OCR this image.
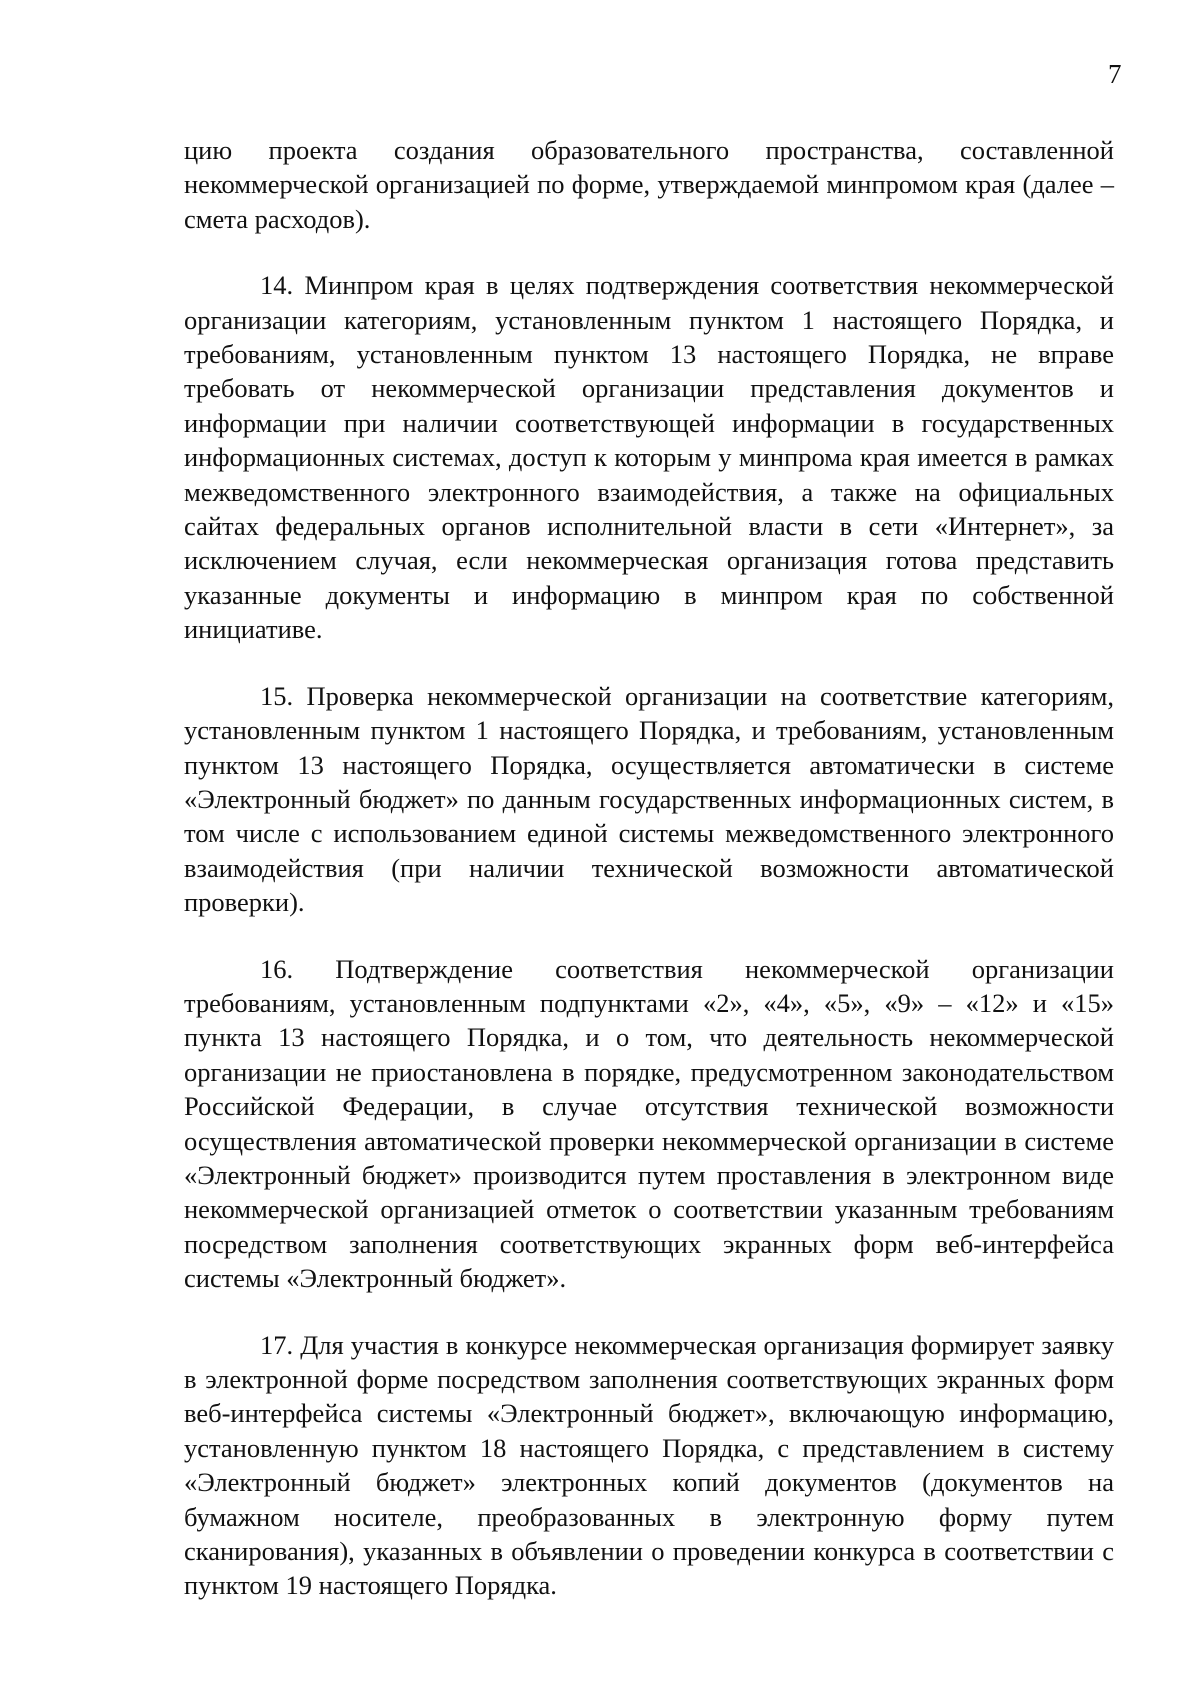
7

цию проекта создания образовательного пространства, составленной некоммерческой организацией по форме, утверждаемой минпромом края (далее – смета расходов).

14. Минпром края в целях подтверждения соответствия некоммерческой организации категориям, установленным пунктом 1 настоящего Порядка, и требованиям, установленным пунктом 13 настоящего Порядка, не вправе требовать от некоммерческой организации представления документов и информации при наличии соответствующей информации в государственных информационных системах, доступ к которым у минпрома края имеется в рамках межведомственного электронного взаимодействия, а также на официальных сайтах федеральных органов исполнительной власти в сети «Интернет», за исключением случая, если некоммерческая организация готова представить указанные документы и информацию в минпром края по собственной инициативе.

15. Проверка некоммерческой организации на соответствие категориям, установленным пунктом 1 настоящего Порядка, и требованиям, установленным пунктом 13 настоящего Порядка, осуществляется автоматически в системе «Электронный бюджет» по данным государственных информационных систем, в том числе с использованием единой системы межведомственного электронного взаимодействия (при наличии технической возможности автоматической проверки).

16. Подтверждение соответствия некоммерческой организации требованиям, установленным подпунктами «2», «4», «5», «9» – «12» и «15» пункта 13 настоящего Порядка, и о том, что деятельность некоммерческой организации не приостановлена в порядке, предусмотренном законодательством Российской Федерации, в случае отсутствия технической возможности осуществления автоматической проверки некоммерческой организации в системе «Электронный бюджет» производится путем проставления в электронном виде некоммерческой организацией отметок о соответствии указанным требованиям посредством заполнения соответствующих экранных форм веб-интерфейса системы «Электронный бюджет».

17. Для участия в конкурсе некоммерческая организация формирует заявку в электронной форме посредством заполнения соответствующих экранных форм веб-интерфейса системы «Электронный бюджет», включающую информацию, установленную пунктом 18 настоящего Порядка, с представлением в систему «Электронный бюджет» электронных копий документов (документов на бумажном носителе, преобразованных в электронную форму путем сканирования), указанных в объявлении о проведении конкурса в соответствии с пунктом 19 настоящего Порядка.
